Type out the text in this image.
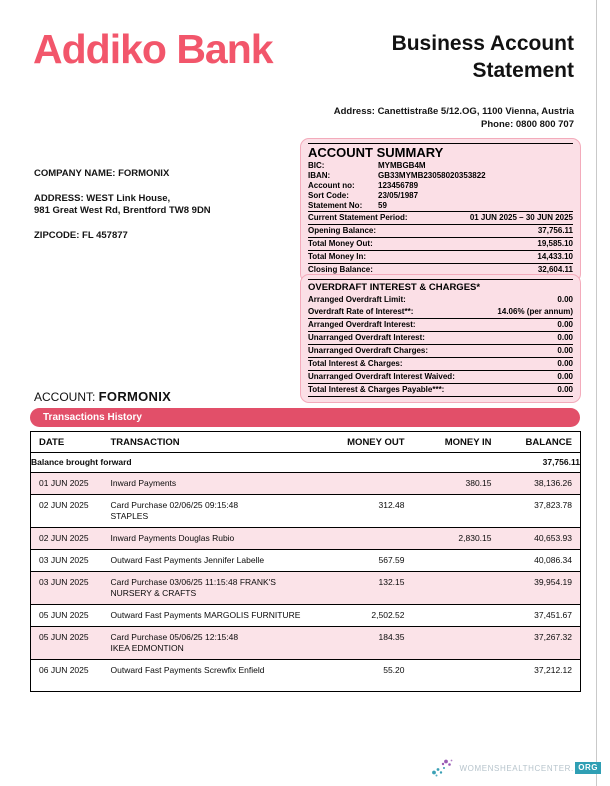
Addiko Bank	Business Account
Statement
Address: Canettistraße 5/12.OG, 1100 Vienna, Austria
Phone: 0800 800 707
COMPANY NAME: FORMONIX
ADDRESS: WEST Link House,
981 Great West Rd, Brentford TW8 9DN
ZIPCODE: FL 457877
ACCOUNT SUMMARY
BIC:	MYMBGB4M
IBAN:	GB33MYMB23058020353822
Account no:	123456789
Sort Code:	23/05/1987
Statement No:	59
Current Statement Period:	01 JUN 2025 – 30 JUN 2025
Opening Balance:	37,756.11
Total Money Out:	19,585.10
Total Money In:	14,433.10
Closing Balance:	32,604.11
OVERDRAFT INTEREST & CHARGES*
Arranged Overdraft Limit:	0.00
Overdraft Rate of Interest**:	14.06% (per annum)
Arranged Overdraft Interest:	0.00
Unarranged Overdraft Interest:	0.00
Unarranged Overdraft Charges:	0.00
Total Interest & Charges:	0.00
Unarranged Overdraft Interest Waived:	0.00
Total Interest & Charges Payable***:	0.00
ACCOUNT: FORMONIX
Transactions History
DATE	TRANSACTION	MONEY OUT	MONEY IN	BALANCE
Balance brought forward				37,756.11
01 JUN 2025	Inward Payments		380.15	38,136.26
02 JUN 2025	Card Purchase 02/06/25 09:15:48
STAPLES	312.48		37,823.78
02 JUN 2025	Inward Payments Douglas Rubio		2,830.15	40,653.93
03 JUN 2025	Outward Fast Payments Jennifer Labelle	567.59		40,086.34
03 JUN 2025	Card Purchase 03/06/25 11:15:48 FRANK'S
NURSERY & CRAFTS	132.15		39,954.19
05 JUN 2025	Outward Fast Payments MARGOLIS FURNITURE	2,502.52		37,451.67
05 JUN 2025	Card Purchase 05/06/25 12:15:48
IKEA EDMONTION	184.35		37,267.32
06 JUN 2025	Outward Fast Payments Screwfix Enfield	55.20		37,212.12
WOMENSHEALTHCENTER . ORG
